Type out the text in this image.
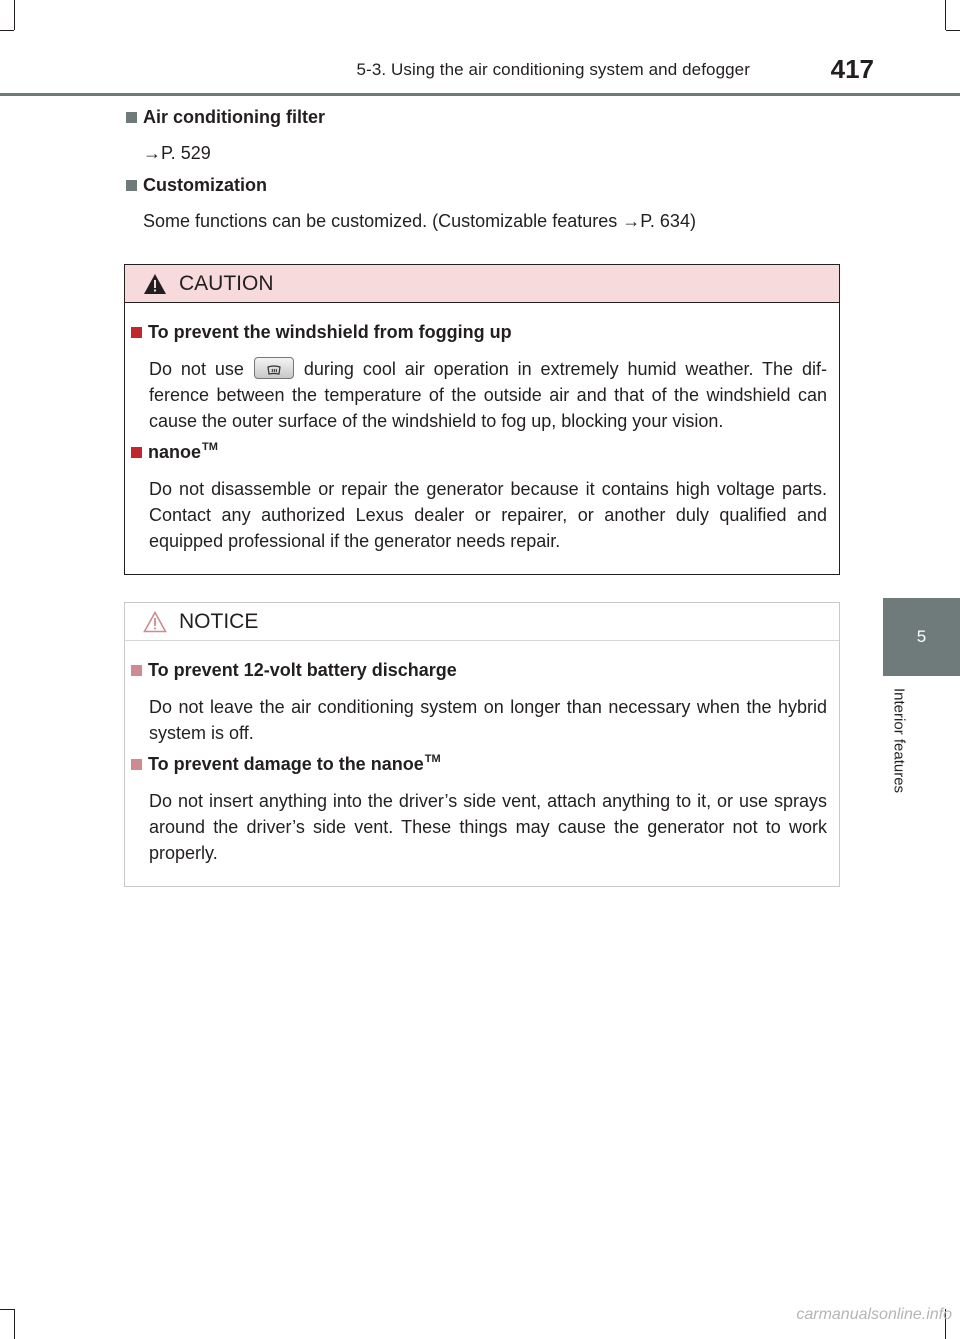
5-3. Using the air conditioning system and defogger	417
5
Interior features
Air conditioning filter
→P. 529
Customization
Some functions can be customized. (Customizable features →P. 634)
CAUTION
To prevent the windshield from fogging up
Do not use	during cool air operation in extremely humid weather. The dif-ference between the temperature of the outside air and that of the windshield can cause the outer surface of the windshield to fog up, blocking your vision.
nanoe TM
Do not disassemble or repair the generator because it contains high voltage parts. Contact any authorized Lexus dealer or repairer, or another duly qualified and equipped professional if the generator needs repair.
NOTICE
To prevent 12-volt battery discharge
Do not leave the air conditioning system on longer than necessary when the hybrid system is off.
To prevent damage to the nanoe TM
Do not insert anything into the driver’s side vent, attach anything to it, or use sprays around the driver’s side vent. These things may cause the generator not to work properly.
carmanualsonline.info
